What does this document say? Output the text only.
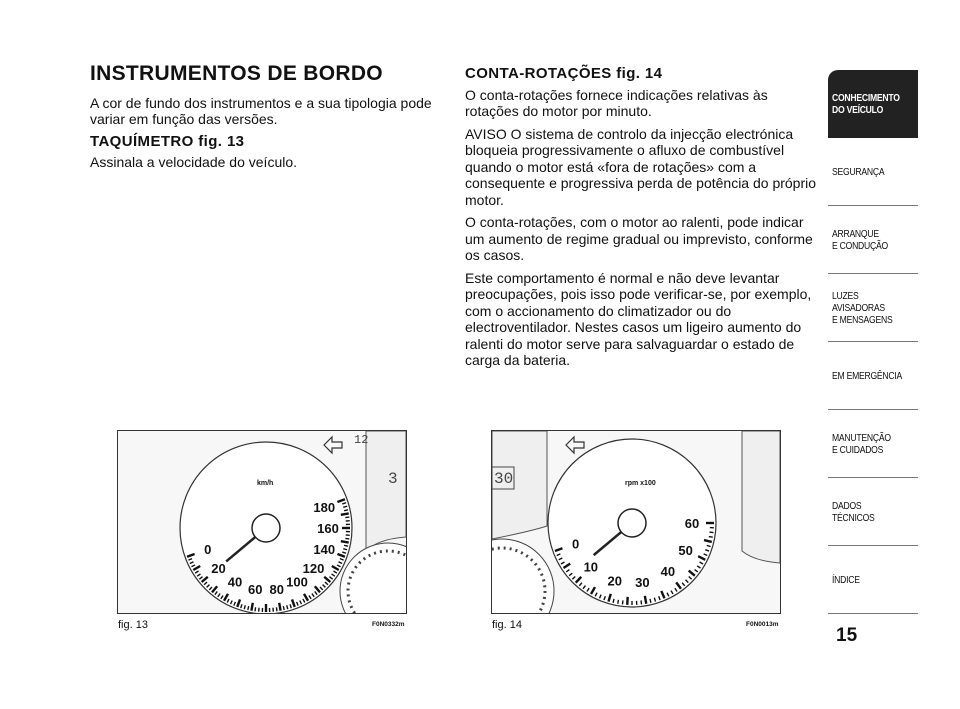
INSTRUMENTOS DE BORDO

A cor de fundo dos instrumentos e a sua tipologia pode variar em função das versões.

TAQUÍMETRO fig. 13

Assinala a velocidade do veículo.

CONTA-ROTAÇÕES fig. 14

O conta-rotações fornece indicações relativas às rotações do motor por minuto.

AVISO O sistema de controlo da injecção electrónica bloqueia progressivamente o afluxo de combustível quando o motor está «fora de rotações» com a consequente e progressiva perda de potência do próprio motor.

O conta-rotações, com o motor ao ralenti, pode indicar um aumento de regime gradual ou imprevisto, conforme os casos.

Este comportamento é normal e não deve levantar preocupações, pois isso pode verificar-se, por exemplo, com o accionamento do climatizador ou do electroventilador. Nestes casos um ligeiro aumento do ralenti do motor serve para salvaguardar o estado de carga da bateria.

12
3
0
20
40 60 80 100
120
140
160
180
km/h
fig. 13	F0N0332m
30
0
10
20 30
40
50
60
rpm x100
fig. 14	F0N0013m
CONHECIMENTO
DO VEÍCULO
SEGURANÇA
ARRANQUE
E CONDUÇÃO
LUZES
AVISADORAS
E MENSAGENS
EM EMERGÊNCIA
MANUTENÇÃO
E CUIDADOS
DADOS
TÉCNICOS
ÍNDICE
15
